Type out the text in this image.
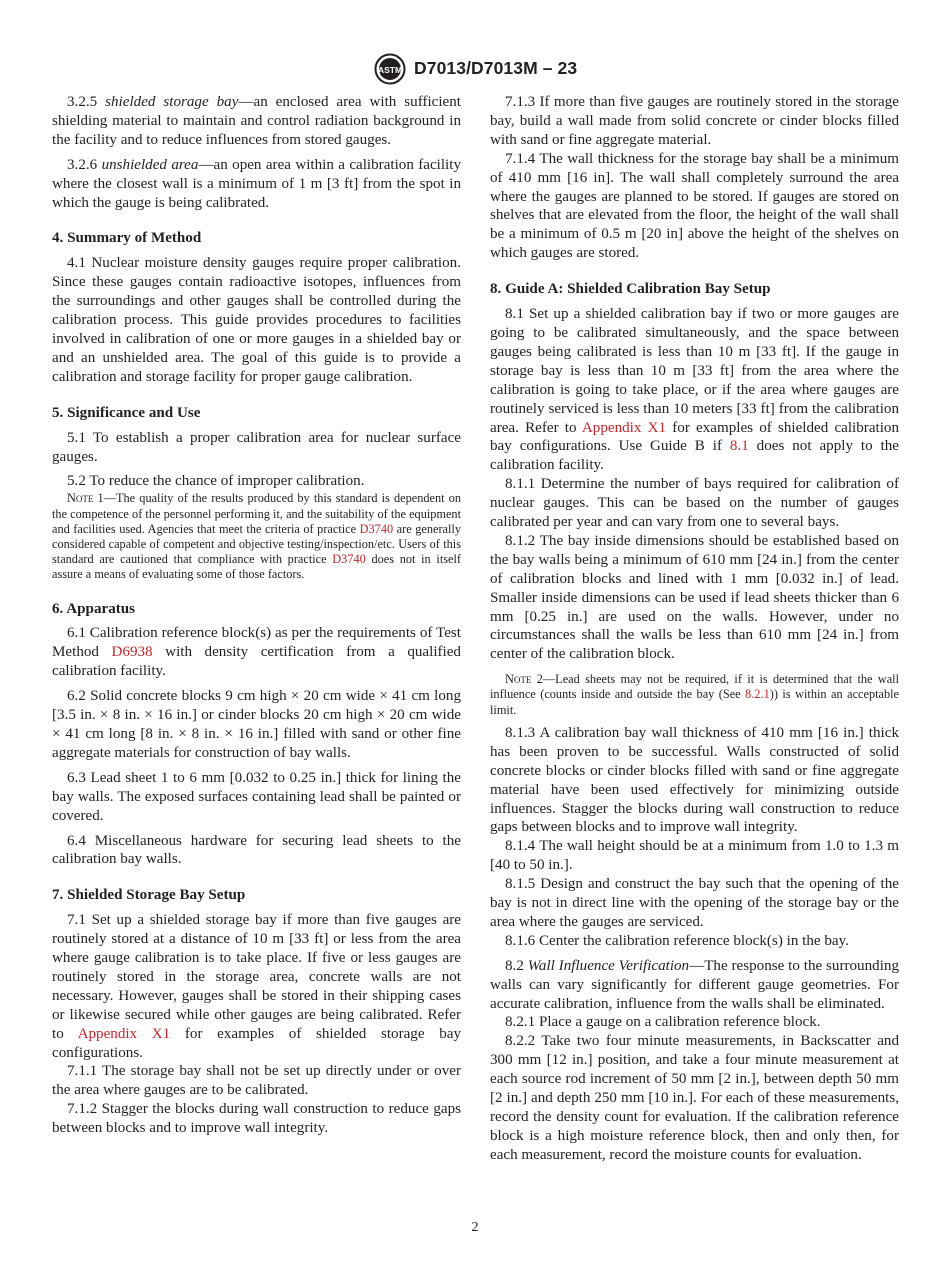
ASTM D7013/D7013M – 23

3.2.5 shielded storage bay—an enclosed area with sufficient shielding material to maintain and control radiation background in the facility and to reduce influences from stored gauges.

3.2.6 unshielded area—an open area within a calibration facility where the closest wall is a minimum of 1 m [3 ft] from the spot in which the gauge is being calibrated.

4. Summary of Method

4.1 Nuclear moisture density gauges require proper calibration. Since these gauges contain radioactive isotopes, influences from the surroundings and other gauges shall be controlled during the calibration process. This guide provides procedures to facilities involved in calibration of one or more gauges in a shielded bay or and an unshielded area. The goal of this guide is to provide a calibration and storage facility for proper gauge calibration.

5. Significance and Use

5.1 To establish a proper calibration area for nuclear surface gauges.

5.2 To reduce the chance of improper calibration.

Note 1—The quality of the results produced by this standard is dependent on the competence of the personnel performing it, and the suitability of the equipment and facilities used. Agencies that meet the criteria of practice D3740 are generally considered capable of competent and objective testing/inspection/etc. Users of this standard are cautioned that compliance with practice D3740 does not in itself assure a means of evaluating some of those factors.

6. Apparatus

6.1 Calibration reference block(s) as per the requirements of Test Method D6938 with density certification from a qualified calibration facility.

6.2 Solid concrete blocks 9 cm high × 20 cm wide × 41 cm long [3.5 in. × 8 in. × 16 in.] or cinder blocks 20 cm high × 20 cm wide × 41 cm long [8 in. × 8 in. × 16 in.] filled with sand or other fine aggregate materials for construction of bay walls.

6.3 Lead sheet 1 to 6 mm [0.032 to 0.25 in.] thick for lining the bay walls. The exposed surfaces containing lead shall be painted or covered.

6.4 Miscellaneous hardware for securing lead sheets to the calibration bay walls.

7. Shielded Storage Bay Setup

7.1 Set up a shielded storage bay if more than five gauges are routinely stored at a distance of 10 m [33 ft] or less from the area where gauge calibration is to take place. If five or less gauges are routinely stored in the storage area, concrete walls are not necessary. However, gauges shall be stored in their shipping cases or likewise secured while other gauges are being calibrated. Refer to Appendix X1 for examples of shielded storage bay configurations.

7.1.1 The storage bay shall not be set up directly under or over the area where gauges are to be calibrated.

7.1.2 Stagger the blocks during wall construction to reduce gaps between blocks and to improve wall integrity.

7.1.3 If more than five gauges are routinely stored in the storage bay, build a wall made from solid concrete or cinder blocks filled with sand or fine aggregate material.

7.1.4 The wall thickness for the storage bay shall be a minimum of 410 mm [16 in]. The wall shall completely surround the area where the gauges are planned to be stored. If gauges are stored on shelves that are elevated from the floor, the height of the wall shall be a minimum of 0.5 m [20 in] above the height of the shelves on which gauges are stored.

8. Guide A: Shielded Calibration Bay Setup

8.1 Set up a shielded calibration bay if two or more gauges are going to be calibrated simultaneously, and the space between gauges being calibrated is less than 10 m [33 ft]. If the gauge in storage bay is less than 10 m [33 ft] from the area where the calibration is going to take place, or if the area where gauges are routinely serviced is less than 10 meters [33 ft] from the calibration area. Refer to Appendix X1 for examples of shielded calibration bay configurations. Use Guide B if 8.1 does not apply to the calibration facility.

8.1.1 Determine the number of bays required for calibration of nuclear gauges. This can be based on the number of gauges calibrated per year and can vary from one to several bays.

8.1.2 The bay inside dimensions should be established based on the bay walls being a minimum of 610 mm [24 in.] from the center of calibration blocks and lined with 1 mm [0.032 in.] of lead. Smaller inside dimensions can be used if lead sheets thicker than 6 mm [0.25 in.] are used on the walls. However, under no circumstances shall the walls be less than 610 mm [24 in.] from center of the calibration block.

Note 2—Lead sheets may not be required, if it is determined that the wall influence (counts inside and outside the bay (See 8.2.1)) is within an acceptable limit.

8.1.3 A calibration bay wall thickness of 410 mm [16 in.] thick has been proven to be successful. Walls constructed of solid concrete blocks or cinder blocks filled with sand or fine aggregate material have been used effectively for minimizing outside influences. Stagger the blocks during wall construction to reduce gaps between blocks and to improve wall integrity.

8.1.4 The wall height should be at a minimum from 1.0 to 1.3 m [40 to 50 in.].

8.1.5 Design and construct the bay such that the opening of the bay is not in direct line with the opening of the storage bay or the area where the gauges are serviced.

8.1.6 Center the calibration reference block(s) in the bay.

8.2 Wall Influence Verification—The response to the surrounding walls can vary significantly for different gauge geometries. For accurate calibration, influence from the walls shall be eliminated.

8.2.1 Place a gauge on a calibration reference block.

8.2.2 Take two four minute measurements, in Backscatter and 300 mm [12 in.] position, and take a four minute measurement at each source rod increment of 50 mm [2 in.], between depth 50 mm [2 in.] and depth 250 mm [10 in.]. For each of these measurements, record the density count for evaluation. If the calibration reference block is a high moisture reference block, then and only then, for each measurement, record the moisture counts for evaluation.

2
